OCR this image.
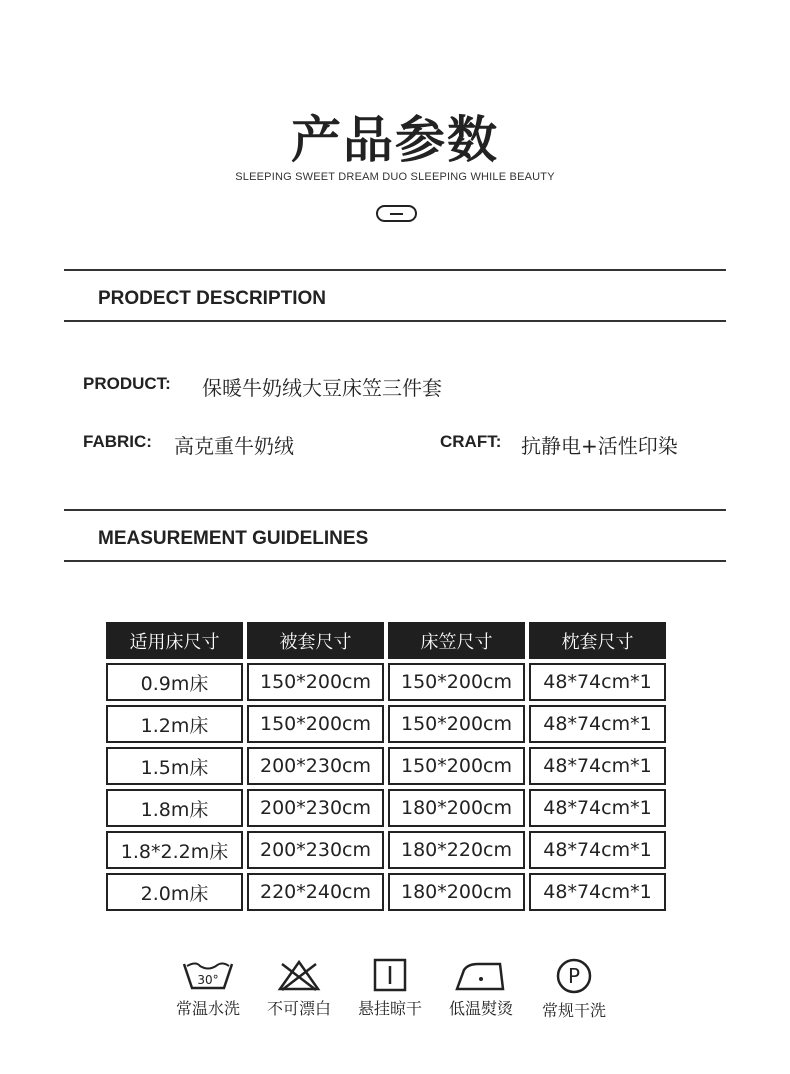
产品参数
SLEEPING SWEET DREAM DUO SLEEPING WHILE BEAUTY
PRODECT DESCRIPTION
PRODUCT: 保暖牛奶绒大豆床笠三件套
FABRIC: 高克重牛奶绒	CRAFT: 抗静电+活性印染
MEASUREMENT GUIDELINES
适用床尺寸	被套尺寸	床笠尺寸	枕套尺寸
0.9m床	150*200cm	150*200cm	48*74cm*1
1.2m床	150*200cm	150*200cm	48*74cm*1
1.5m床	200*230cm	150*200cm	48*74cm*1
1.8m床	200*230cm	180*200cm	48*74cm*1
1.8*2.2m床	200*230cm	180*220cm	48*74cm*1
2.0m床	220*240cm	180*200cm	48*74cm*1
30°
常温水洗	不可漂白	悬挂晾干	低温熨烫
P
常规干洗
